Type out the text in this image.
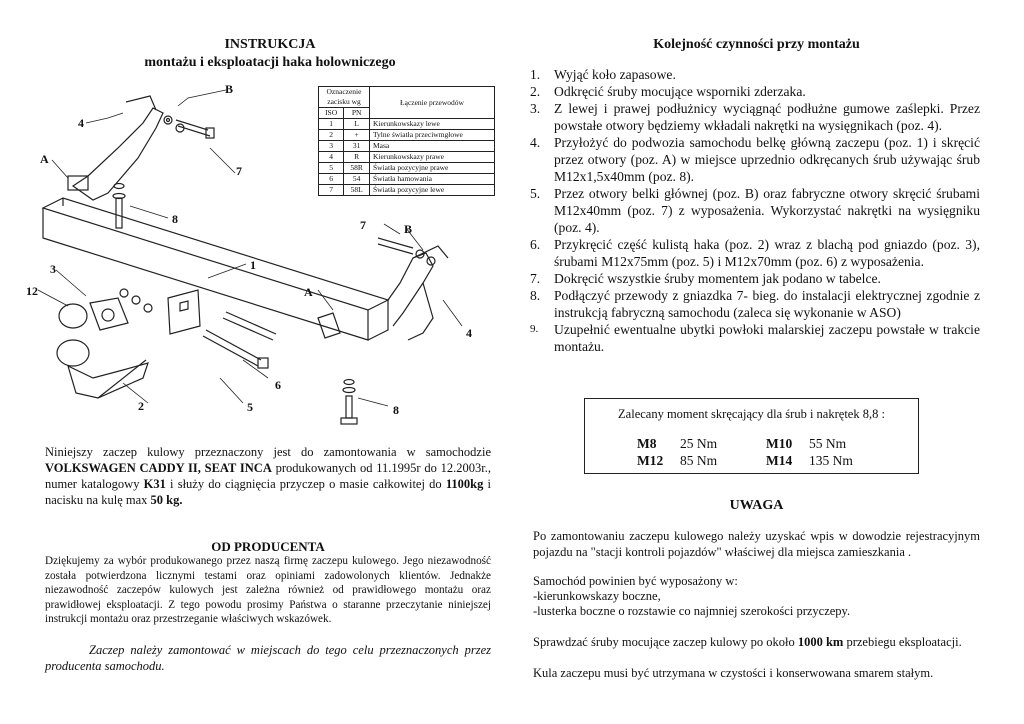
INSTRUKCJA
montażu i eksploatacji haka holowniczego
A
B
4
7
8
3
12
1
7	B
A
4
6
2	5	8
Oznaczenie zacisku wg		Łączenie przewodów
ISO	PN	
1	L	Kierunkowskazy lewe
2	+	Tylne światła przeciwmgłowe
3	31	Masa
4	R	Kierunkowskazy prawe
5	58R	Światła pozycyjne prawe
6	54	Światła hamowania
7	58L	Światła pozycyjne lewe
Niniejszy zaczep kulowy przeznaczony jest do zamontowania w samochodzie VOLKSWAGEN CADDY II, SEAT INCA produkowanych od 11.1995r do 12.2003r., numer katalogowy K31 i służy do ciągnięcia przyczep o masie całkowitej do 1100kg i nacisku na kulę max 50 kg.
OD PRODUCENTA
Dziękujemy za wybór produkowanego przez naszą firmę zaczepu kulowego. Jego niezawodność została potwierdzona licznymi testami oraz opiniami zadowolonych klientów. Jednakże niezawodność zaczepów kulowych jest zależna również od prawidłowego montażu oraz prawidłowej eksploatacji. Z tego powodu prosimy Państwa o staranne przeczytanie niniejszej instrukcji montażu oraz przestrzeganie właściwych wskazówek.
Zaczep należy zamontować w miejscach do tego celu przeznaczonych przez producenta samochodu.
Kolejność czynności przy montażu
1. Wyjąć koło zapasowe.
2. Odkręcić śruby mocujące wsporniki zderzaka.
3. Z lewej i prawej podłużnicy wyciągnąć podłużne gumowe zaślepki. Przez powstałe otwory będziemy wkładali nakrętki na wysięgnikach (poz. 4).
4. Przyłożyć do podwozia samochodu belkę główną zaczepu (poz. 1) i skręcić przez otwory (poz. A) w miejsce uprzednio odkręcanych śrub używając śrub M12x1,5x40mm (poz. 8).
5. Przez otwory belki głównej (poz. B) oraz fabryczne otwory skręcić śrubami M12x40mm (poz. 7) z wyposażenia. Wykorzystać nakrętki na wysięgniku (poz. 4).
6. Przykręcić część kulistą haka (poz. 2) wraz z blachą pod gniazdo (poz. 3), śrubami M12x75mm (poz. 5) i M12x70mm (poz. 6) z wyposażenia.
7. Dokręcić wszystkie śruby momentem jak podano w tabelce.
8. Podłączyć przewody z gniazdka 7- bieg. do instalacji elektrycznej zgodnie z instrukcją fabryczną samochodu (zaleca się wykonanie w ASO)
9. Uzupełnić ewentualne ubytki powłoki malarskiej zaczepu powstałe w trakcie montażu.
Zalecany moment skręcający dla śrub i nakrętek 8,8 :
M8 25 Nm	M10 55 Nm
M12 85 Nm	M14 135 Nm
UWAGA
Po zamontowaniu zaczepu kulowego należy uzyskać wpis w dowodzie rejestracyjnym pojazdu na "stacji kontroli pojazdów" właściwej dla miejsca zamieszkania .
Samochód powinien być wyposażony w:
-kierunkowskazy boczne,
-lusterka boczne o rozstawie co najmniej szerokości przyczepy.
Sprawdzać śruby mocujące zaczep kulowy po około 1000 km przebiegu eksploatacji.
Kula zaczepu musi być utrzymana w czystości i konserwowana smarem stałym.
